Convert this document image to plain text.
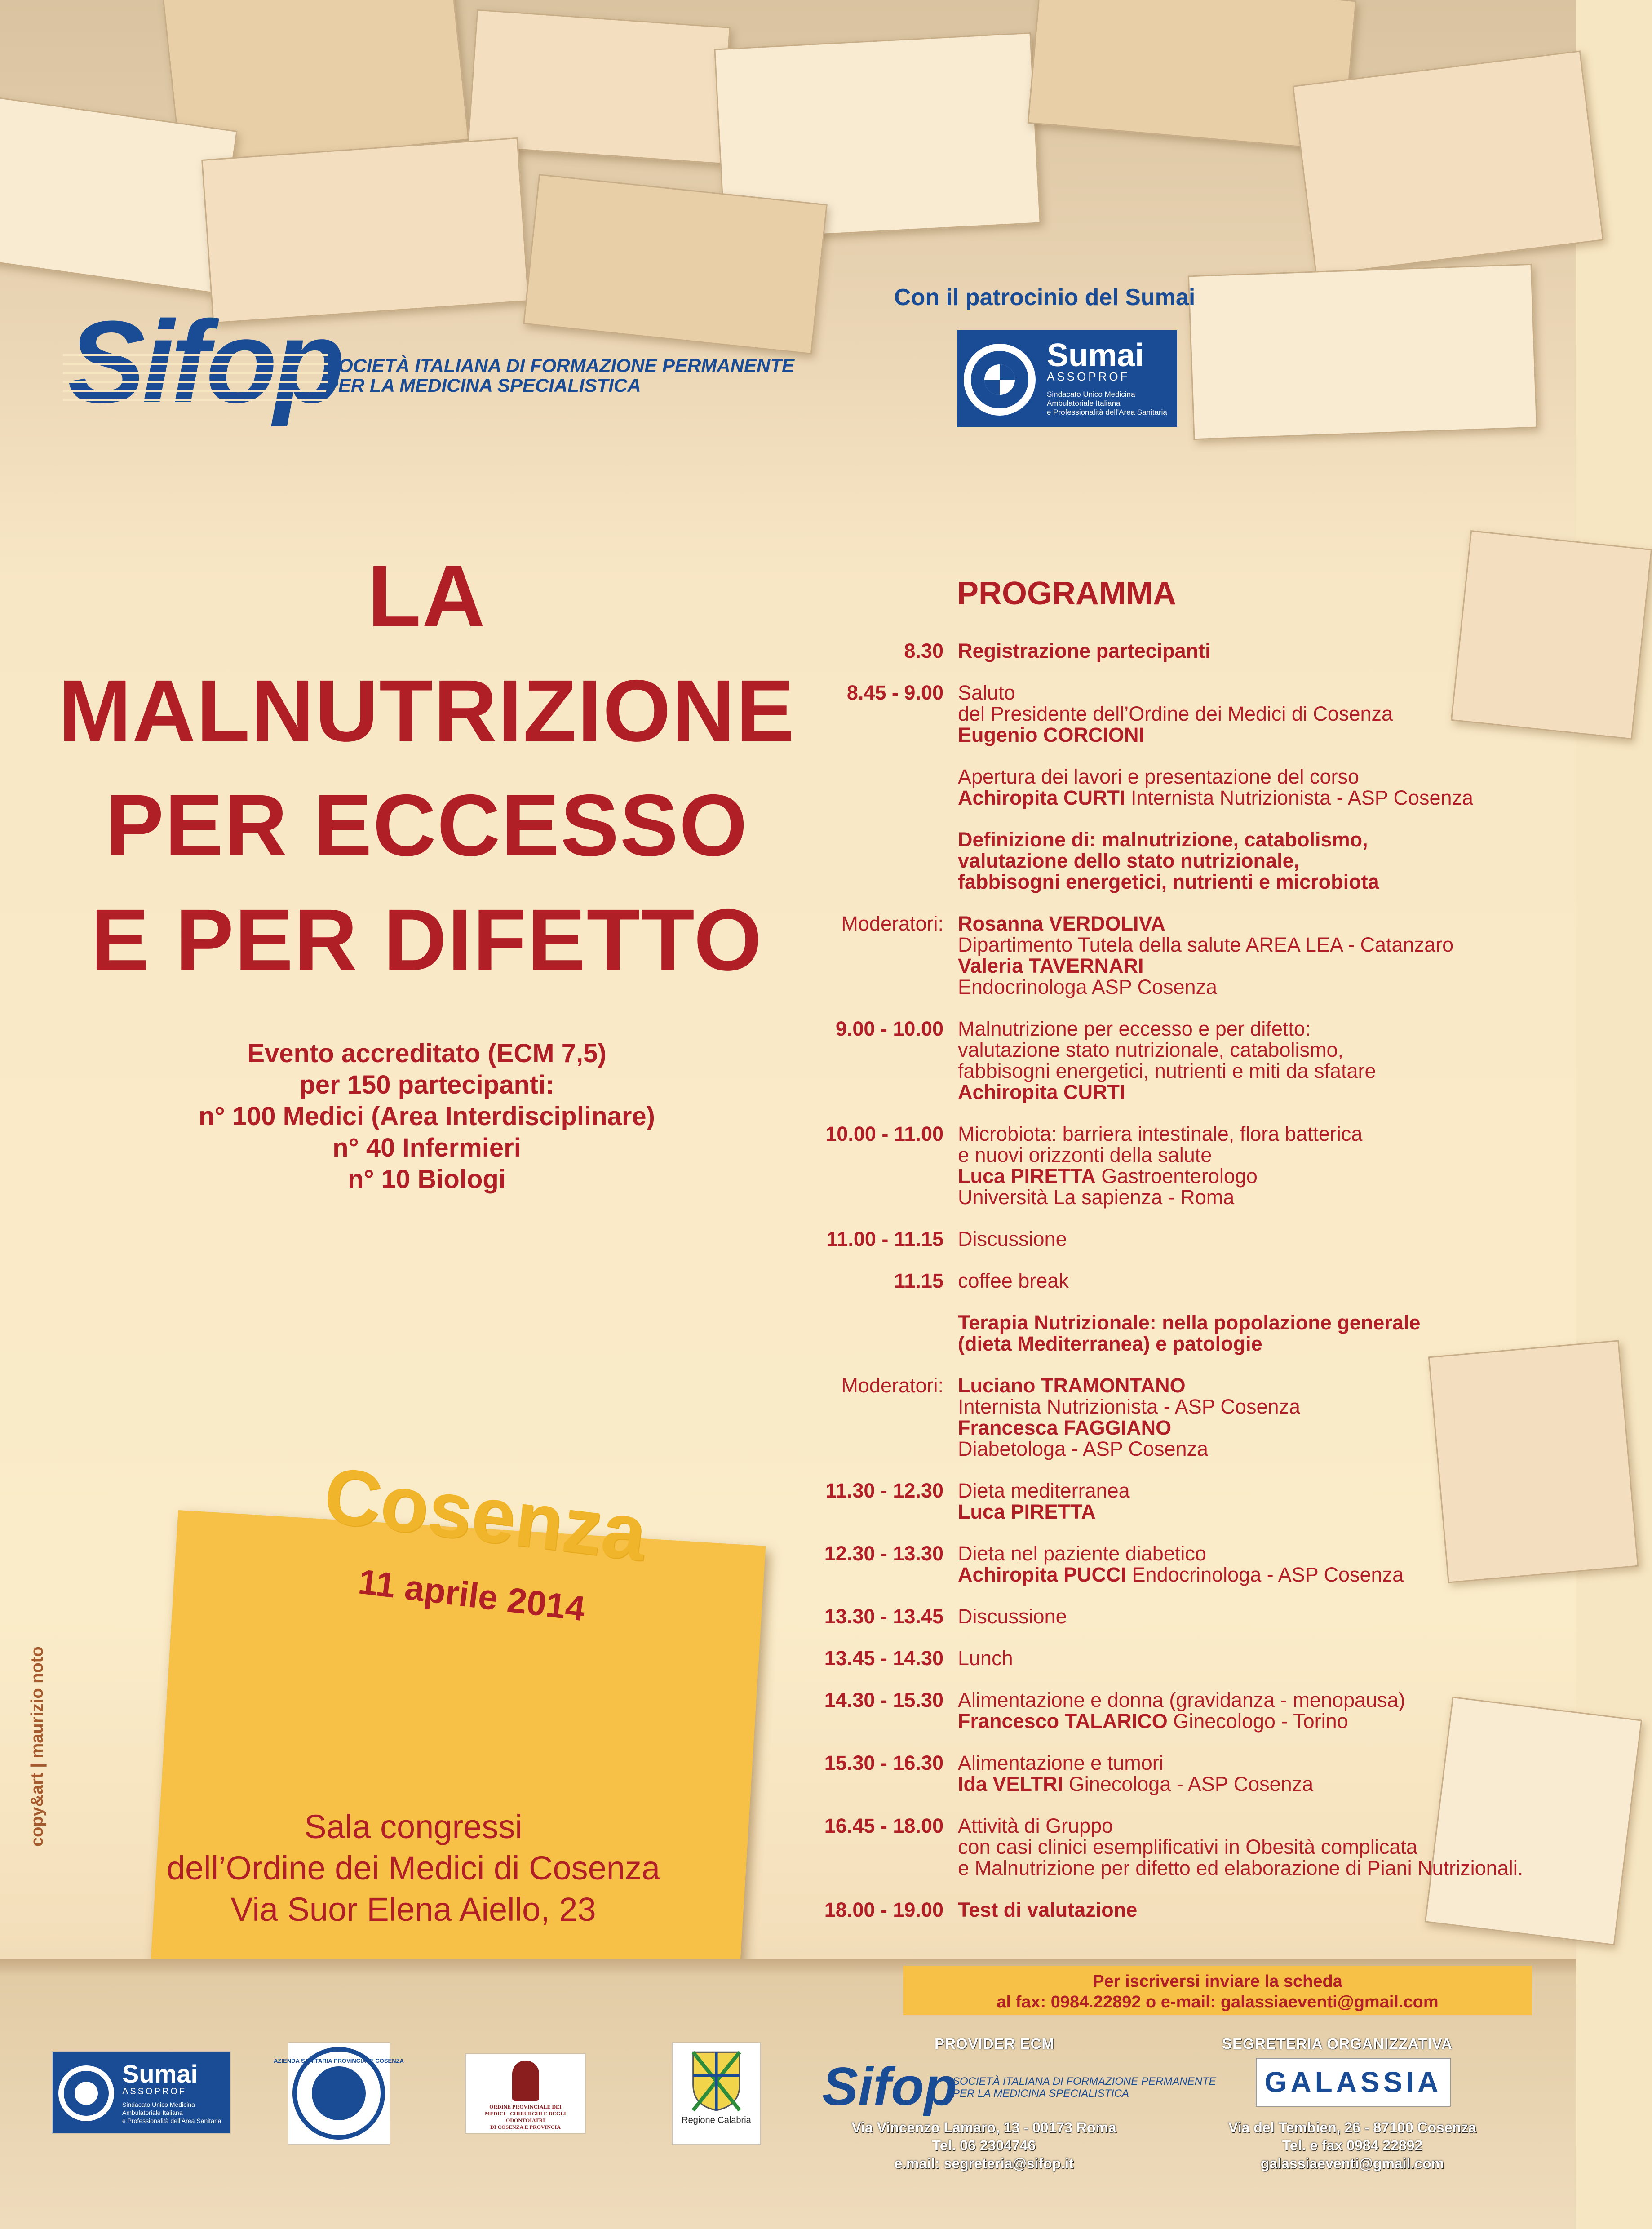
Sifop
SOCIETÀ ITALIANA DI FORMAZIONE PERMANENTE
PER LA MEDICINA SPECIALISTICA
Con il patrocinio del Sumai
Sumai
ASSOPROF
Sindacato Unico Medicina
Ambulatoriale Italiana
e Professionalità dell'Area Sanitaria
LA
MALNUTRIZIONE
PER ECCESSO
E PER DIFETTO
Evento accreditato (ECM 7,5)
per 150 partecipanti:
n° 100 Medici (Area Interdisciplinare)
n° 40 Infermieri
n° 10 Biologi
Cosenza
11 aprile 2014
Sala congressi
dell’Ordine dei Medici di Cosenza
Via Suor Elena Aiello, 23
copy&art | maurizio noto
PROGRAMMA
8.30 Registrazione partecipanti
8.45 - 9.00 Saluto
del Presidente dell’Ordine dei Medici di Cosenza
Eugenio CORCIONI
Apertura dei lavori e presentazione del corso
Achiropita CURTI Internista Nutrizionista - ASP Cosenza
Definizione di: malnutrizione, catabolismo,
valutazione dello stato nutrizionale,
fabbisogni energetici, nutrienti e microbiota
Moderatori: Rosanna VERDOLIVA
Dipartimento Tutela della salute AREA LEA - Catanzaro
Valeria TAVERNARI
Endocrinologa ASP Cosenza
9.00 - 10.00 Malnutrizione per eccesso e per difetto:
valutazione stato nutrizionale, catabolismo,
fabbisogni energetici, nutrienti e miti da sfatare
Achiropita CURTI
10.00 - 11.00 Microbiota: barriera intestinale, flora batterica
e nuovi orizzonti della salute
Luca PIRETTA Gastroenterologo
Università La sapienza - Roma
11.00 - 11.15 Discussione
11.15 coffee break
Terapia Nutrizionale: nella popolazione generale
(dieta Mediterranea) e patologie
Moderatori: Luciano TRAMONTANO
Internista Nutrizionista - ASP Cosenza
Francesca FAGGIANO
Diabetologa - ASP Cosenza
11.30 - 12.30 Dieta mediterranea
Luca PIRETTA
12.30 - 13.30 Dieta nel paziente diabetico
Achiropita PUCCI Endocrinologa - ASP Cosenza
13.30 - 13.45 Discussione
13.45 - 14.30 Lunch
14.30 - 15.30 Alimentazione e donna (gravidanza - menopausa)
Francesco TALARICO Ginecologo - Torino
15.30 - 16.30 Alimentazione e tumori
Ida VELTRI Ginecologa - ASP Cosenza
16.45 - 18.00 Attività di Gruppo
con casi clinici esemplificativi in Obesità complicata
e Malnutrizione per difetto ed elaborazione di Piani Nutrizionali.
18.00 - 19.00 Test di valutazione
Per iscriversi inviare la scheda
al fax: 0984.22892 o e-mail: galassiaeventi@gmail.com
Sumai
ASSOPROF
Sindacato Unico Medicina
Ambulatoriale Italiana
e Professionalità dell'Area Sanitaria
AZIENDA SANITARIA PROVINCIALE COSENZA
ORDINE PROVINCIALE DEI
MEDICI - CHIRURGHI E DEGLI ODONTOIATRI
DI COSENZA E PROVINCIA
Regione Calabria
PROVIDER ECM
Sifop
SOCIETÀ ITALIANA DI FORMAZIONE PERMANENTE
PER LA MEDICINA SPECIALISTICA
Via Vincenzo Lamaro, 13 - 00173 Roma
Tel. 06 2304746
e.mail: segreteria@sifop.it
SEGRETERIA ORGANIZZATIVA
GALASSIA
Via del Tembien, 26 - 87100 Cosenza
Tel. e fax 0984 22892
galassiaeventi@gmail.com
